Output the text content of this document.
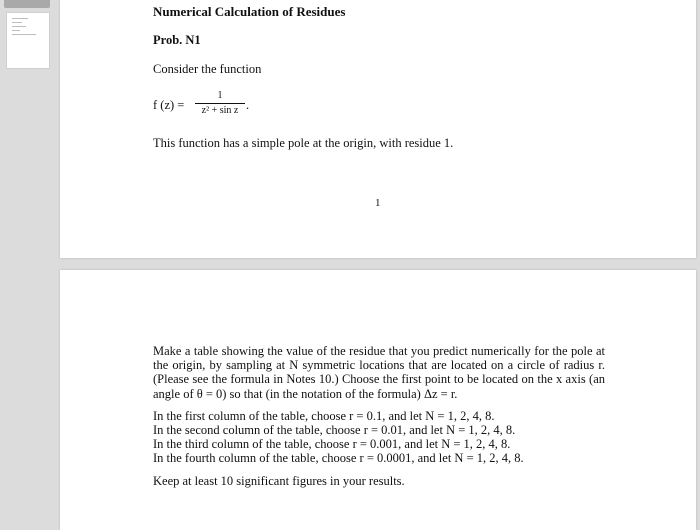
Numerical Calculation of Residues
Prob. N1
Consider the function
f (z) =
1
z² + sin z .
This function has a simple pole at the origin, with residue 1.
1
Make a table showing the value of the residue that you predict numerically for the pole at
the origin, by sampling at N symmetric locations that are located on a circle of radius r.
(Please see the formula in Notes 10.) Choose the first point to be located on the x axis (an
angle of θ = 0) so that (in the notation of the formula) Δz = r.
In the first column of the table, choose r = 0.1, and let N = 1, 2, 4, 8.
In the second column of the table, choose r = 0.01, and let N = 1, 2, 4, 8.
In the third column of the table, choose r = 0.001, and let N = 1, 2, 4, 8.
In the fourth column of the table, choose r = 0.0001, and let N = 1, 2, 4, 8.
Keep at least 10 significant figures in your results.
